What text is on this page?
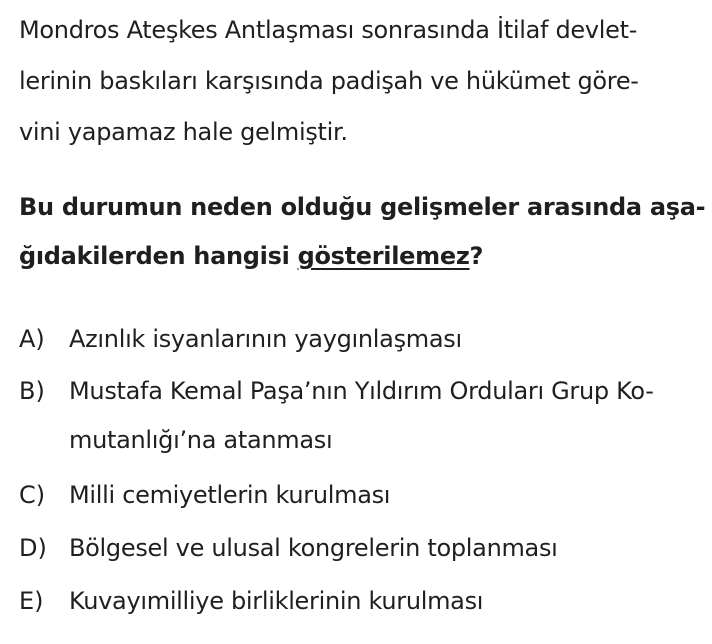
Mondros Ateşkes Antlaşması sonrasında İtilaf devlet-
lerinin baskıları karşısında padişah ve hükümet göre-
vini yapamaz hale gelmiştir.
Bu durumun neden olduğu gelişmeler arasında aşa-
ğıdakilerden hangisi gösterilemez?
A) Azınlık isyanlarının yaygınlaşması
B) Mustafa Kemal Paşa’nın Yıldırım Orduları Grup Ko-
mutanlığı’na atanması
C) Milli cemiyetlerin kurulması
D) Bölgesel ve ulusal kongrelerin toplanması
E) Kuvayımilliye birliklerinin kurulması
